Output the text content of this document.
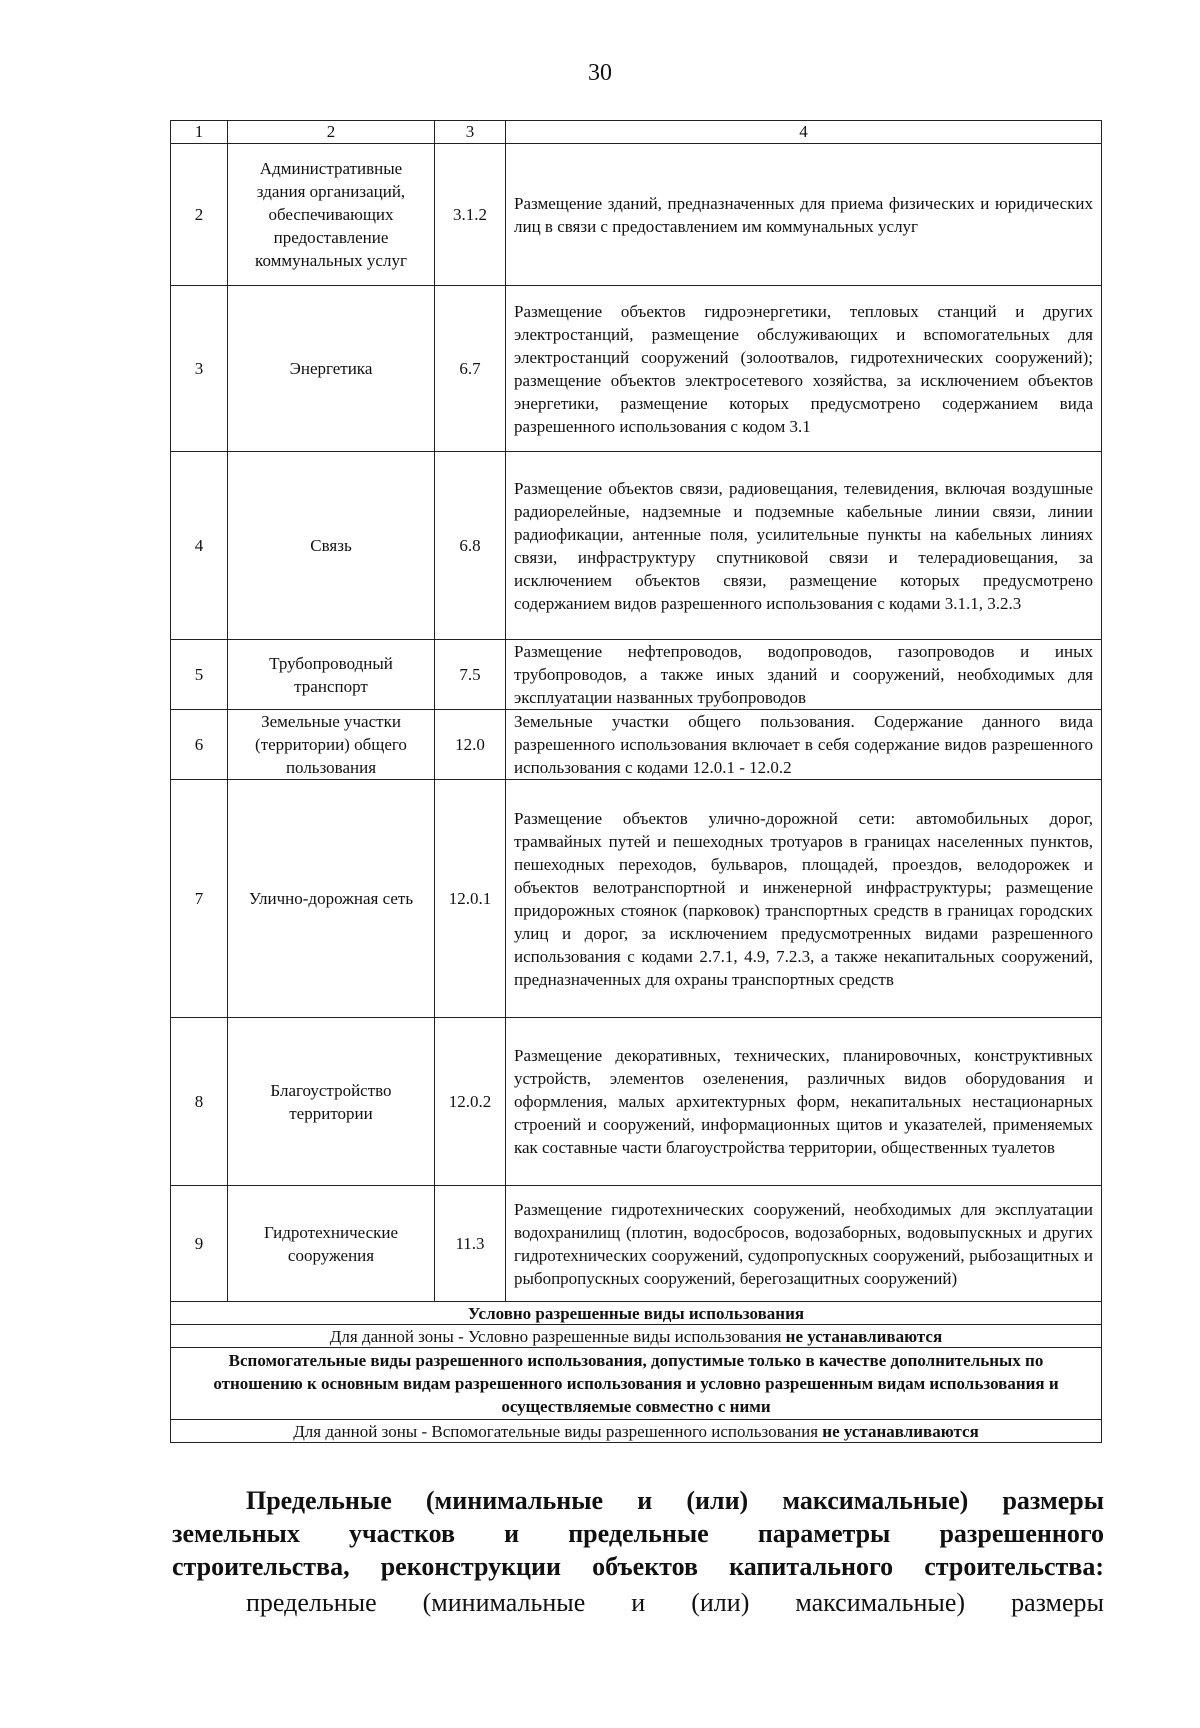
30
1	2	3	4
2	Административные здания организаций, обеспечивающих предоставление коммунальных услуг	3.1.2	Размещение зданий, предназначенных для приема физических и юридических лиц в связи с предоставлением им коммунальных услуг
3	Энергетика	6.7	Размещение объектов гидроэнергетики, тепловых станций и других электростанций, размещение обслуживающих и вспомогательных для электростанций сооружений (золоотвалов, гидротехнических сооружений); размещение объектов электросетевого хозяйства, за исключением объектов энергетики, размещение которых предусмотрено содержанием вида разрешенного использования с кодом 3.1
4	Связь	6.8	Размещение объектов связи, радиовещания, телевидения, включая воздушные радиорелейные, надземные и подземные кабельные линии связи, линии радиофикации, антенные поля, усилительные пункты на кабельных линиях связи, инфраструктуру спутниковой связи и телерадиовещания, за исключением объектов связи, размещение которых предусмотрено содержанием видов разрешенного использования с кодами 3.1.1, 3.2.3
5	Трубопроводный транспорт	7.5	Размещение нефтепроводов, водопроводов, газопроводов и иных трубопроводов, а также иных зданий и сооружений, необходимых для эксплуатации названных трубопроводов
6	Земельные участки (территории) общего пользования	12.0	Земельные участки общего пользования. Содержание данного вида разрешенного использования включает в себя содержание видов разрешенного использования с кодами 12.0.1 - 12.0.2
7	Улично-дорожная сеть	12.0.1	Размещение объектов улично-дорожной сети: автомобильных дорог, трамвайных путей и пешеходных тротуаров в границах населенных пунктов, пешеходных переходов, бульваров, площадей, проездов, велодорожек и объектов велотранспортной и инженерной инфраструктуры; размещение придорожных стоянок (парковок) транспортных средств в границах городских улиц и дорог, за исключением предусмотренных видами разрешенного использования с кодами 2.7.1, 4.9, 7.2.3, а также некапитальных сооружений, предназначенных для охраны транспортных средств
8	Благоустройство территории	12.0.2	Размещение декоративных, технических, планировочных, конструктивных устройств, элементов озеленения, различных видов оборудования и оформления, малых архитектурных форм, некапитальных нестационарных строений и сооружений, информационных щитов и указателей, применяемых как составные части благоустройства территории, общественных туалетов
9	Гидротехнические сооружения	11.3	Размещение гидротехнических сооружений, необходимых для эксплуатации водохранилищ (плотин, водосбросов, водозаборных, водовыпускных и других гидротехнических сооружений, судопропускных сооружений, рыбозащитных и рыбопропускных сооружений, берегозащитных сооружений)
Условно разрешенные виды использования			
Для данной зоны - Условно разрешенные виды использования не устанавливаются			
Вспомогательные виды разрешенного использования, допустимые только в качестве дополнительных по отношению к основным видам разрешенного использования и условно разрешенным видам использования и осуществляемые совместно с ними			
Для данной зоны - Вспомогательные виды разрешенного использования не устанавливаются			
Предельные (минимальные и (или) максимальные) размеры
земельных участков и предельные параметры разрешенного
строительства, реконструкции объектов капитального строительства:
предельные (минимальные и (или) максимальные) размеры
